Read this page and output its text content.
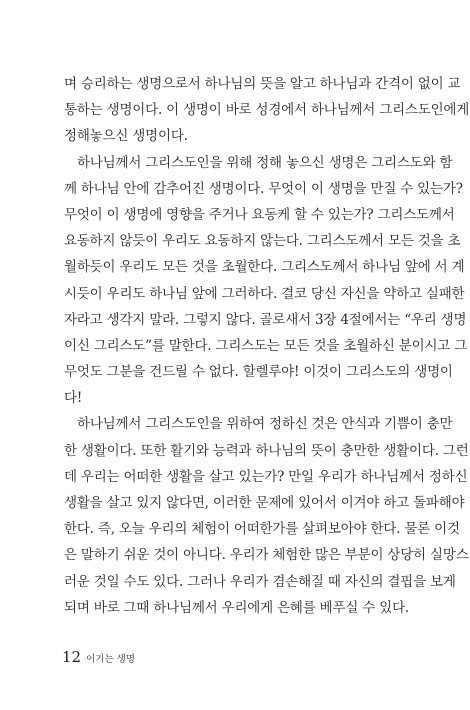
며 승리하는 생명으로서 하나님의 뜻을 알고 하나님과 간격이 없이 교
통하는 생명이다. 이 생명이 바로 성경에서 하나님께서 그리스도인에게
정해놓으신 생명이다.
하나님께서 그리스도인을 위해 정해 놓으신 생명은 그리스도와 함
께 하나님 안에 감추어진 생명이다. 무엇이 이 생명을 만질 수 있는가?
무엇이 이 생명에 영향을 주거나 요동케 할 수 있는가? 그리스도께서
요동하지 않듯이 우리도 요동하지 않는다. 그리스도께서 모든 것을 초
월하듯이 우리도 모든 것을 초월한다. 그리스도께서 하나님 앞에 서 계
시듯이 우리도 하나님 앞에 그러하다. 결코 당신 자신을 약하고 실패한
자라고 생각지 말라. 그렇지 않다. 골로새서 3장 4절에서는 “우리 생명
이신 그리스도”를 말한다. 그리스도는 모든 것을 초월하신 분이시고 그
무엇도 그분을 건드릴 수 없다. 할렐루야! 이것이 그리스도의 생명이
다!
하나님께서 그리스도인을 위하여 정하신 것은 안식과 기쁨이 충만
한 생활이다. 또한 활기와 능력과 하나님의 뜻이 충만한 생활이다. 그런
데 우리는 어떠한 생활을 살고 있는가? 만일 우리가 하나님께서 정하신
생활을 살고 있지 않다면, 이러한 문제에 있어서 이겨야 하고 돌파해야
한다. 즉, 오늘 우리의 체험이 어떠한가를 살펴보아야 한다. 물론 이것
은 말하기 쉬운 것이 아니다. 우리가 체험한 많은 부분이 상당히 실망스
러운 것일 수도 있다. 그러나 우리가 겸손해질 때 자신의 결핍을 보게
되며 바로 그때 하나님께서 우리에게 은혜를 베푸실 수 있다.
12 이기는 생명
